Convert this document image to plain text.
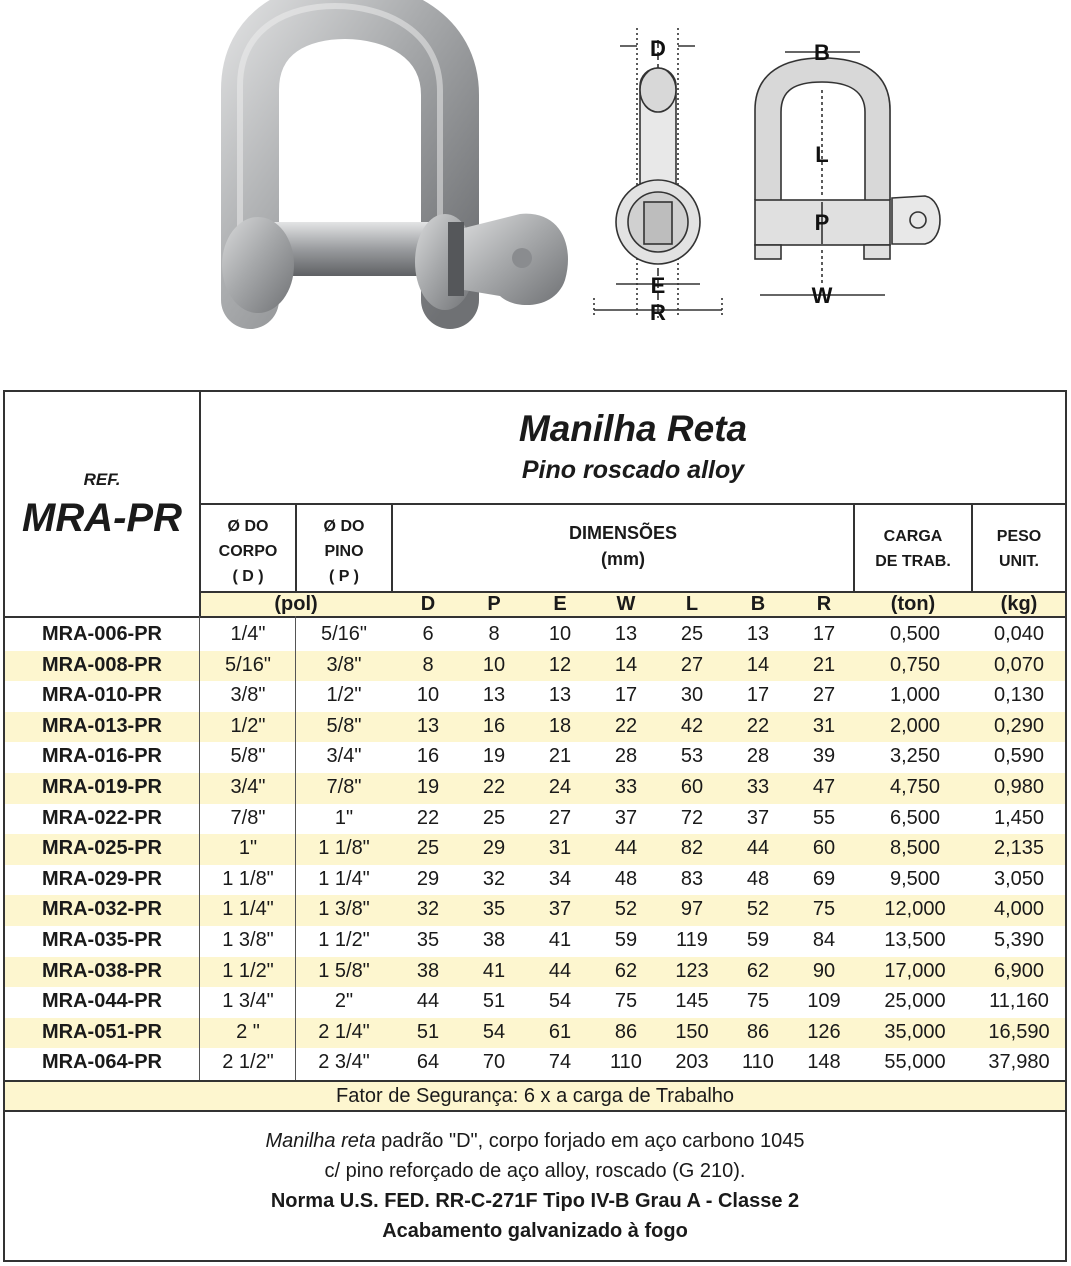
D
E
R
B
L
P
W
Manilha Reta
Pino roscado alloy
REF.
MRA-PR	Ø DO
CORPO
( D )
Ø DO
PINO
( P )
DIMENSÕES
(mm)
CARGA
DE TRAB.
PESO
UNIT.
(pol)	D	P	E	W	L	B	R	(ton)	(kg)
MRA-006-PR	1/4"	5/16"	6	8	10	13	25	13	17	0,500	0,040
MRA-008-PR	5/16"	3/8"	8	10	12	14	27	14	21	0,750	0,070
MRA-010-PR	3/8"	1/2"	10	13	13	17	30	17	27	1,000	0,130
MRA-013-PR	1/2"	5/8"	13	16	18	22	42	22	31	2,000	0,290
MRA-016-PR	5/8"	3/4"	16	19	21	28	53	28	39	3,250	0,590
MRA-019-PR	3/4"	7/8"	19	22	24	33	60	33	47	4,750	0,980
MRA-022-PR	7/8"	1"	22	25	27	37	72	37	55	6,500	1,450
MRA-025-PR	1"	1 1/8"	25	29	31	44	82	44	60	8,500	2,135
MRA-029-PR	1 1/8"	1 1/4"	29	32	34	48	83	48	69	9,500	3,050
MRA-032-PR	1 1/4"	1 3/8"	32	35	37	52	97	52	75	12,000	4,000
MRA-035-PR	1 3/8"	1 1/2"	35	38	41	59	119	59	84	13,500	5,390
MRA-038-PR	1 1/2"	1 5/8"	38	41	44	62	123	62	90	17,000	6,900
MRA-044-PR	1 3/4"	2"	44	51	54	75	145	75	109	25,000	11,160
MRA-051-PR	2 "	2 1/4"	51	54	61	86	150	86	126	35,000	16,590
MRA-064-PR	2 1/2"	2 3/4"	64	70	74	110	203	110	148	55,000	37,980
Fator de Segurança: 6 x a carga de Trabalho
Manilha reta padrão "D", corpo forjado em aço carbono 1045
c/ pino reforçado de aço alloy, roscado (G 210).
Norma U.S. FED. RR-C-271F Tipo IV-B Grau A - Classe 2
Acabamento galvanizado à fogo
